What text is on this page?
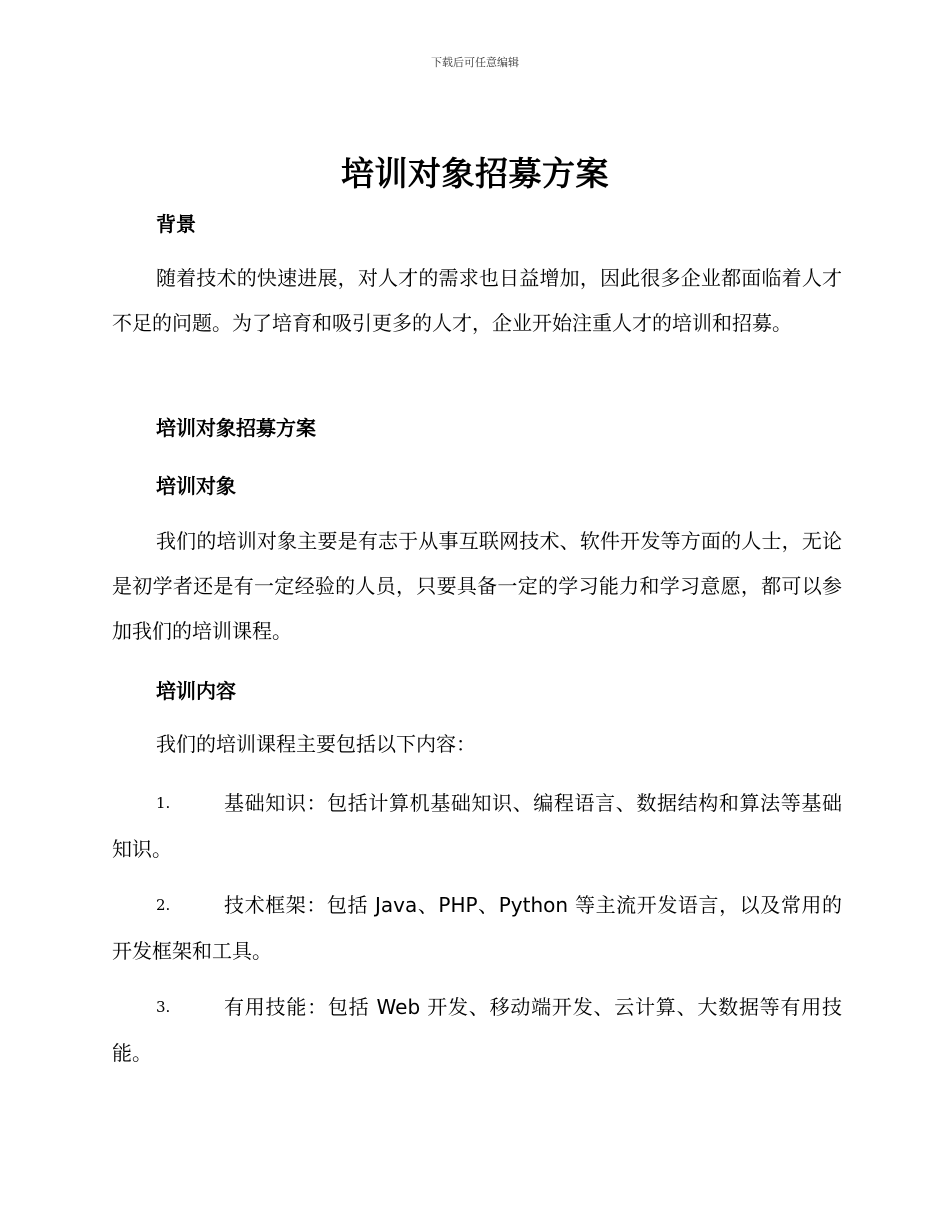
下载后可任意编辑
培训对象招募方案
背景
随着技术的快速进展，对人才的需求也日益增加，因此很多企业都面临着人才不足的问题。为了培育和吸引更多的人才，企业开始注重人才的培训和招募。
培训对象招募方案
培训对象
我们的培训对象主要是有志于从事互联网技术、软件开发等方面的人士，无论是初学者还是有一定经验的人员，只要具备一定的学习能力和学习意愿，都可以参加我们的培训课程。
培训内容
我们的培训课程主要包括以下内容：
1.	基础知识：包括计算机基础知识、编程语言、数据结构和算法等基础知识。
2.	技术框架：包括 Java、PHP、Python 等主流开发语言，以及常用的开发框架和工具。
3.	有用技能：包括 Web 开发、移动端开发、云计算、大数据等有用技能。
